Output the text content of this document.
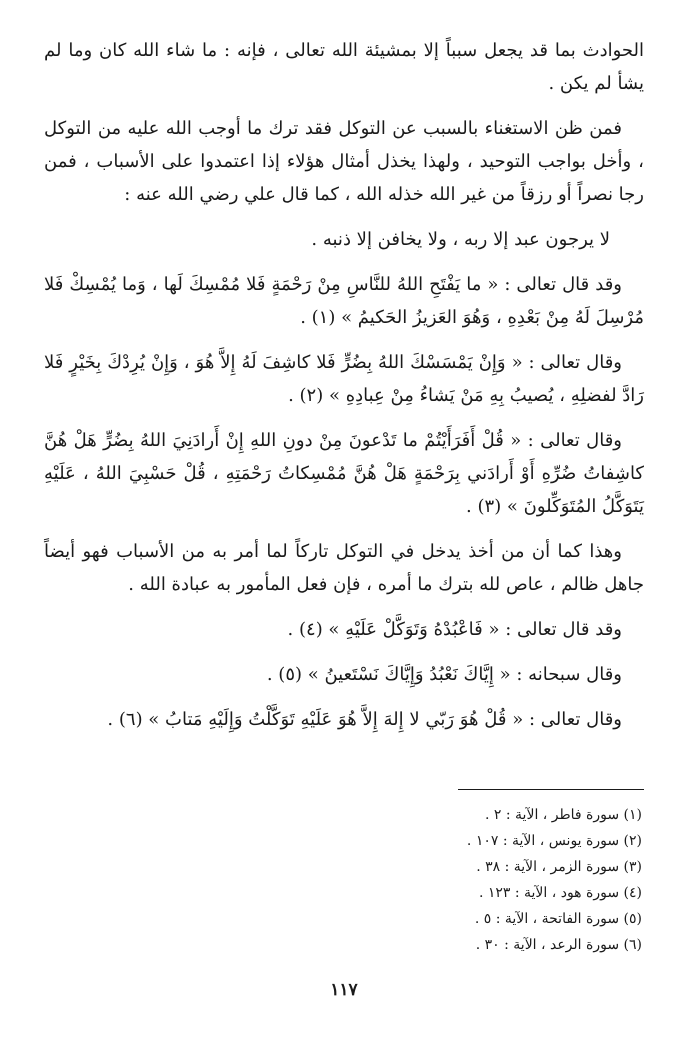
الحوادث بما قد يجعل سبباً إلا بمشيئة الله تعالى ، فإنه : ما شاء الله كان وما لم يشأ لم يكن .

فمن ظن الاستغناء بالسبب عن التوكل فقد ترك ما أوجب الله عليه من التوكل ، وأخل بواجب التوحيد ، ولهذا يخذل أمثال هؤلاء إذا اعتمدوا على الأسباب ، فمن رجا نصراً أو رزقاً من غير الله خذله الله ، كما قال علي رضي الله عنه :

لا يرجون عبد إلا ربه ، ولا يخافن إلا ذنبه .

وقد قال تعالى : « ما يَفْتَحِ اللهُ للنَّاسِ مِنْ رَحْمَةٍ فَلا مُمْسِكَ لَها ، وَما يُمْسِكْ فَلا مُرْسِلَ لَهُ مِنْ بَعْدِهِ ، وَهُوَ العَزيزُ الحَكيمُ » (١) .

وقال تعالى : « وَإِنْ يَمْسَسْكَ اللهُ بِضُرٍّ فَلا كاشِفَ لَهُ إِلاَّ هُوَ ، وَإِنْ يُرِدْكَ بِخَيْرٍ فَلا رَادَّ لفضلِهِ ، يُصيبُ بِهِ مَنْ يَشاءُ مِنْ عِبادِهِ » (٢) .

وقال تعالى : « قُلْ أَفَرَأَيْتُمْ ما تَدْعونَ مِنْ دونِ اللهِ إِنْ أَرادَنِيَ اللهُ بِضُرٍّ هَلْ هُنَّ كاشِفاتُ ضُرِّهِ أَوْ أَرادَني بِرَحْمَةٍ هَلْ هُنَّ مُمْسِكاتُ رَحْمَتِهِ ، قُلْ حَسْبِيَ اللهُ ، عَلَيْهِ يَتَوَكَّلُ المُتَوَكِّلونَ » (٣) .

وهذا كما أن من أخذ يدخل في التوكل تاركاً لما أمر به من الأسباب فهو أيضاً جاهل ظالم ، عاص لله بترك ما أمره ، فإن فعل المأمور به عبادة الله .

وقد قال تعالى : « فَاعْبُدْهُ وَتَوَكَّلْ عَلَيْهِ » (٤) .

وقال سبحانه : « إِيَّاكَ نَعْبُدُ وَإِيَّاكَ نَسْتَعينُ » (٥) .

وقال تعالى : « قُلْ هُوَ رَبّي لا إِلهَ إِلاَّ هُوَ عَلَيْهِ تَوَكَّلْتُ وَإِلَيْهِ مَتابُ » (٦) .

(١) سورة فاطر ، الآية : ٢ .
(٢) سورة يونس ، الآية : ١٠٧ .
(٣) سورة الزمر ، الآية : ٣٨ .
(٤) سورة هود ، الآية : ١٢٣ .
(٥) سورة الفاتحة ، الآية : ٥ .
(٦) سورة الرعد ، الآية : ٣٠ .
١١٧
